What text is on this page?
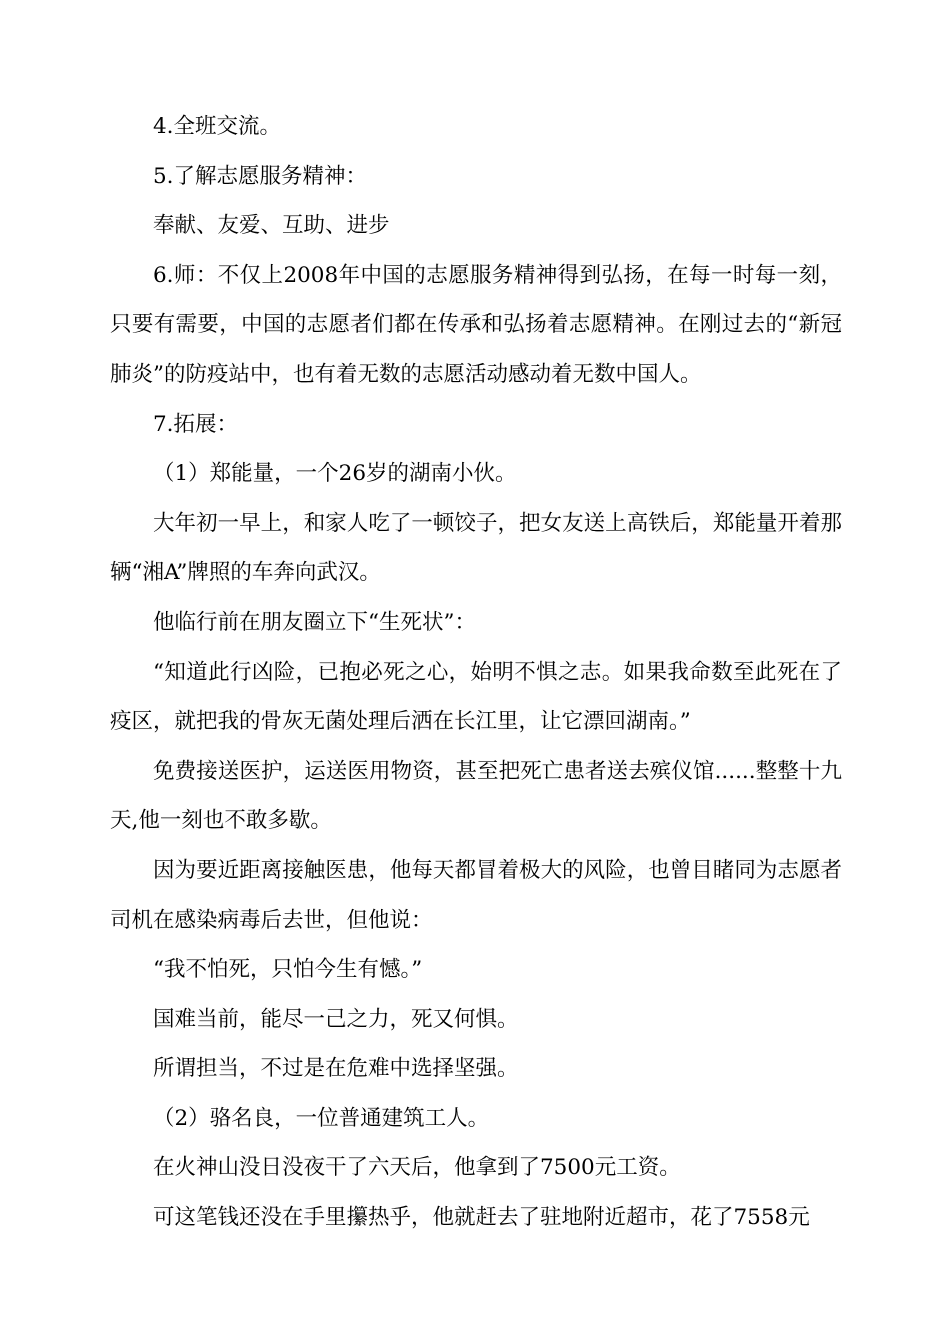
4.全班交流。

5.了解志愿服务精神：

奉献、友爱、互助、进步

6.师：不仅上2008年中国的志愿服务精神得到弘扬，在每一时每一刻，只要有需要，中国的志愿者们都在传承和弘扬着志愿精神。在刚过去的“新冠肺炎”的防疫站中，也有着无数的志愿活动感动着无数中国人。

7.拓展：

（1）郑能量，一个26岁的湖南小伙。

大年初一早上，和家人吃了一顿饺子，把女友送上高铁后，郑能量开着那辆“湘A”牌照的车奔向武汉。

他临行前在朋友圈立下“生死状”：

“知道此行凶险，已抱必死之心，始明不惧之志。如果我命数至此死在了疫区，就把我的骨灰无菌处理后洒在长江里，让它漂回湖南。”

免费接送医护，运送医用物资，甚至把死亡患者送去殡仪馆......整整十九天,他一刻也不敢多歇。

因为要近距离接触医患，他每天都冒着极大的风险，也曾目睹同为志愿者司机在感染病毒后去世，但他说：

“我不怕死，只怕今生有憾。”

国难当前，能尽一己之力，死又何惧。

所谓担当，不过是在危难中选择坚强。

（2）骆名良，一位普通建筑工人。

在火神山没日没夜干了六天后，他拿到了7500元工资。

可这笔钱还没在手里攥热乎，他就赶去了驻地附近超市，花了7558元
